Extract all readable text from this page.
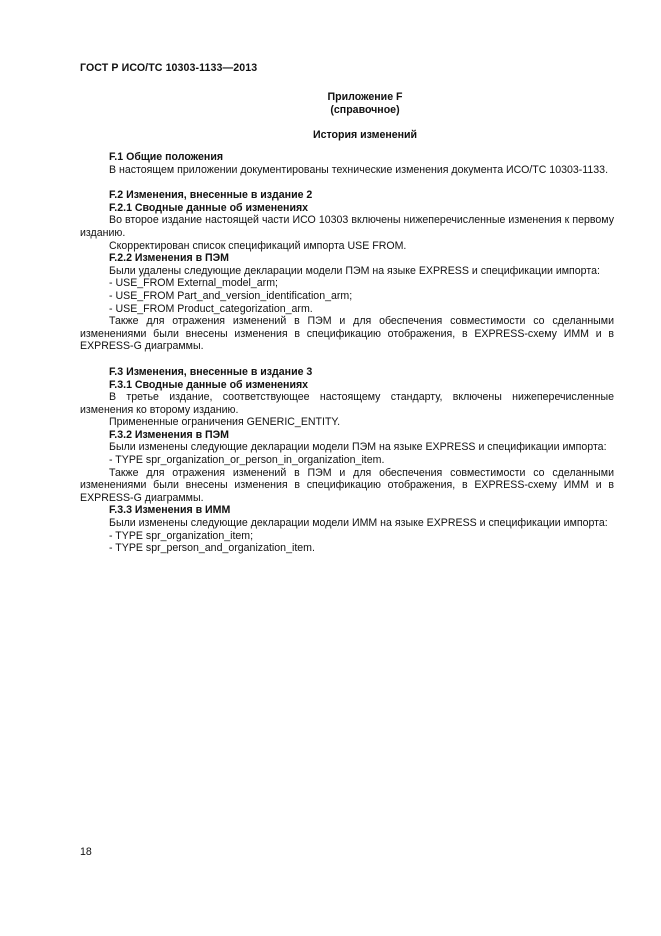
ГОСТ Р ИСО/ТС 10303-1133—2013
Приложение F
(справочное)
История изменений
F.1 Общие положения

В настоящем приложении документированы технические изменения документа ИСО/ТС 10303-1133.

F.2 Изменения, внесенные в издание 2
F.2.1 Сводные данные об изменениях

Во второе издание настоящей части ИСО 10303 включены нижеперечисленные изменения к первому изданию.

Скорректирован список спецификаций импорта USE FROM.

F.2.2 Изменения в ПЭМ

Были удалены следующие декларации модели ПЭМ на языке EXPRESS и спецификации импорта:

- USE_FROM External_model_arm;
- USE_FROM Part_and_version_identification_arm;
- USE_FROM Product_categorization_arm.

Также для отражения изменений в ПЭМ и для обеспечения совместимости со сделанными изменениями были внесены изменения в спецификацию отображения, в EXPRESS-схему ИММ и в EXPRESS-G диаграммы.

F.3 Изменения, внесенные в издание 3
F.3.1 Сводные данные об изменениях

В третье издание, соответствующее настоящему стандарту, включены нижеперечисленные изменения ко второму изданию.

Примененные ограничения GENERIC_ENTITY.

F.3.2 Изменения в ПЭМ

Были изменены следующие декларации модели ПЭМ на языке EXPRESS и спецификации импорта:

- TYPE spr_organization_or_person_in_organization_item.

Также для отражения изменений в ПЭМ и для обеспечения совместимости со сделанными изменениями были внесены изменения в спецификацию отображения, в EXPRESS-схему ИММ и в EXPRESS-G диаграммы.

F.3.3 Изменения в ИММ

Были изменены следующие декларации модели ИММ на языке EXPRESS и спецификации импорта:

- TYPE spr_organization_item;
- TYPE spr_person_and_organization_item.
18
